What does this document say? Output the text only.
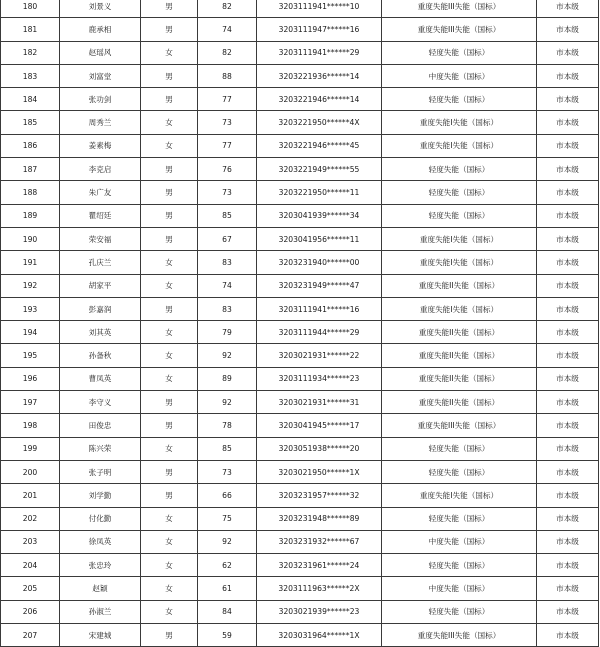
180	刘景义	男	82	3203111941******10	重度失能III失能（国标）	市本级
181	鹿承相	男	74	3203111947******16	重度失能III失能（国标）	市本级
182	赵瑶风	女	82	3203111941******29	轻度失能（国标）	市本级
183	刘富堂	男	88	3203221936******14	中度失能（国标）	市本级
184	张功剑	男	77	3203221946******14	轻度失能（国标）	市本级
185	周秀兰	女	73	3203221950******4X	重度失能I失能（国标）	市本级
186	姜素梅	女	77	3203221946******45	重度失能I失能（国标）	市本级
187	李克启	男	76	3203221949******55	轻度失能（国标）	市本级
188	朱广友	男	73	3203221950******11	轻度失能（国标）	市本级
189	瞿绍廷	男	85	3203041939******34	轻度失能（国标）	市本级
190	荣安福	男	67	3203041956******11	重度失能I失能（国标）	市本级
191	孔庆兰	女	83	3203231940******00	重度失能I失能（国标）	市本级
192	胡家平	女	74	3203231949******47	重度失能II失能（国标）	市本级
193	彭嘉润	男	83	3203111941******16	重度失能I失能（国标）	市本级
194	刘其英	女	79	3203111944******29	重度失能II失能（国标）	市本级
195	孙备秋	女	92	3203021931******22	重度失能II失能（国标）	市本级
196	曹凤英	女	89	3203111934******23	重度失能II失能（国标）	市本级
197	李守义	男	92	3203021931******31	重度失能II失能（国标）	市本级
198	田俊忠	男	78	3203041945******17	重度失能III失能（国标）	市本级
199	陈兴荣	女	85	3203051938******20	轻度失能（国标）	市本级
200	张子明	男	73	3203021950******1X	轻度失能（国标）	市本级
201	刘学勤	男	66	3203231957******32	重度失能I失能（国标）	市本级
202	付化勤	女	75	3203231948******89	轻度失能（国标）	市本级
203	徐凤英	女	92	3203231932******67	中度失能（国标）	市本级
204	张忠玲	女	62	3203231961******24	轻度失能（国标）	市本级
205	赵颖	女	61	3203111963******2X	中度失能（国标）	市本级
206	孙淑兰	女	84	3203021939******23	轻度失能（国标）	市本级
207	宋建城	男	59	3203031964******1X	重度失能III失能（国标）	市本级
